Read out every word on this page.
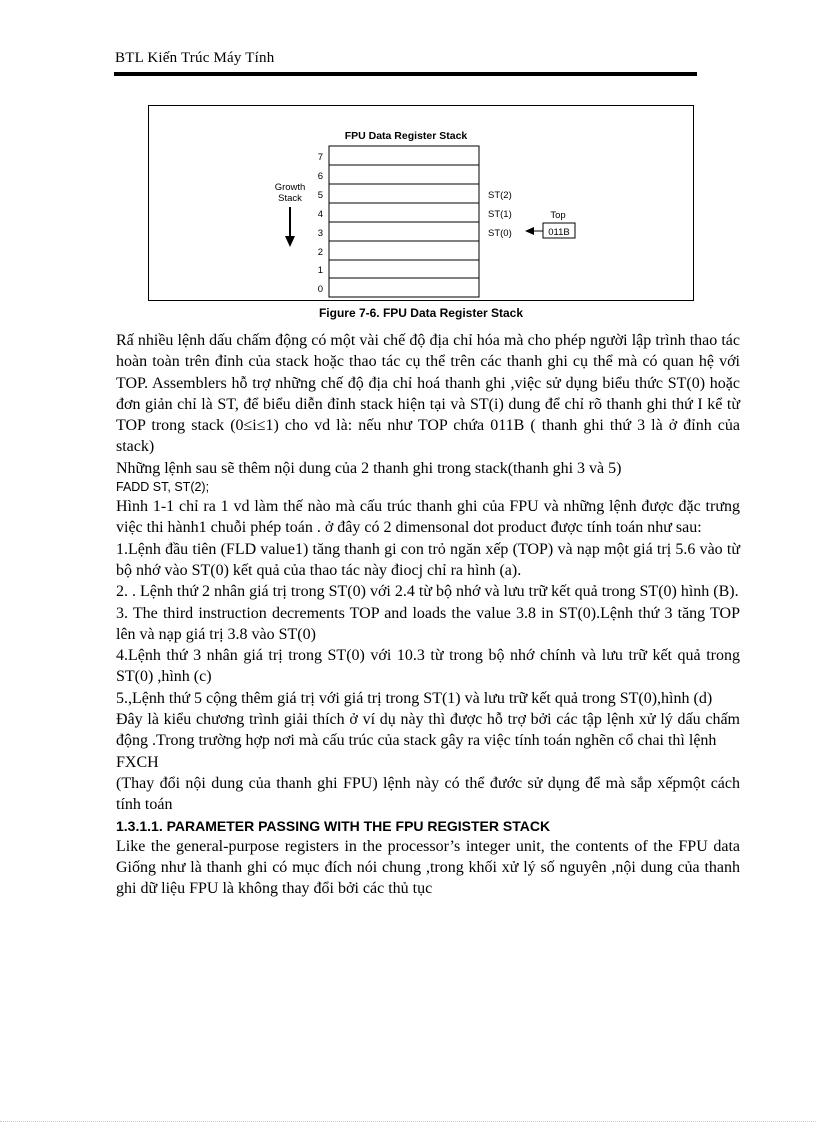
BTL Kiến Trúc Máy Tính
FPU Data Register Stack
7
6
5
4
3
2
1
0
Growth
Stack	ST(2)
ST(1)
ST(0)
Top
011B
Figure 7-6. FPU Data Register Stack

Rấ nhiều lệnh dấu chấm động có một vài chế độ địa chỉ hóa mà cho phép người lập trình thao tác hoàn toàn trên đỉnh của stack hoặc thao tác cụ thể trên các thanh ghi cụ thể mà có quan hệ với TOP. Assemblers hỗ trợ những chế độ địa chỉ hoá thanh ghi ,việc sử dụng biểu thức ST(0) hoặc đơn giản chỉ là ST, để biểu diễn đỉnh stack hiện tại và ST(i) dung để chỉ rõ thanh ghi thứ I kể từ TOP trong stack (0≤i≤1) cho vd là: nếu như TOP chứa 011B ( thanh ghi thứ 3 là ở đỉnh của stack)

Những lệnh sau sẽ thêm nội dung của 2 thanh ghi trong stack(thanh ghi 3 và 5)

FADD ST, ST(2);

Hình 1-1 chỉ ra 1 vd làm thế nào mà cấu trúc thanh ghi của FPU và những lệnh được đặc trưng việc thi hành1 chuỗi phép toán . ở đây có 2 dimensonal dot product được tính toán như sau:

1.Lệnh đầu tiên (FLD value1) tăng thanh gi con trỏ ngăn xếp (TOP) và nạp một giá trị 5.6 vào từ bộ nhớ vào ST(0) kết quả của thao tác này điocj chỉ ra hình (a).

2. . Lệnh thứ 2 nhân giá trị trong ST(0) với 2.4 từ bộ nhớ và lưu trữ kết quả trong ST(0) hình (B).

3. The third instruction decrements TOP and loads the value 3.8 in ST(0).Lệnh thứ 3 tăng TOP lên và nạp giá trị 3.8 vào ST(0)

4.Lệnh thứ 3 nhân giá trị trong ST(0) với 10.3 từ trong bộ nhớ chính và lưu trữ kết quả trong ST(0) ,hình (c)

5.,Lệnh thứ 5 cộng thêm giá trị với giá trị trong ST(1) và lưu trữ kết quả trong ST(0),hình (d)

Đây là kiểu chương trình giải thích ở ví dụ này thì được hỗ trợ bởi các tập lệnh xử lý dấu chấm động .Trong trường hợp nơi mà cấu trúc của stack gây ra việc tính toán nghẽn cổ chai thì lệnh

FXCH

(Thay đổi nội dung của thanh ghi FPU) lệnh này có thể đước sử dụng để mà sắp xếpmột cách tính toán

1.3.1.1. PARAMETER PASSING WITH THE FPU REGISTER STACK

Like the general-purpose registers in the processor’s integer unit, the contents of the FPU data Giống như là thanh ghi có mục đích nói chung ,trong khối xử lý số nguyên ,nội dung của thanh ghi dữ liệu FPU là không thay đổi bởi các thủ tục
